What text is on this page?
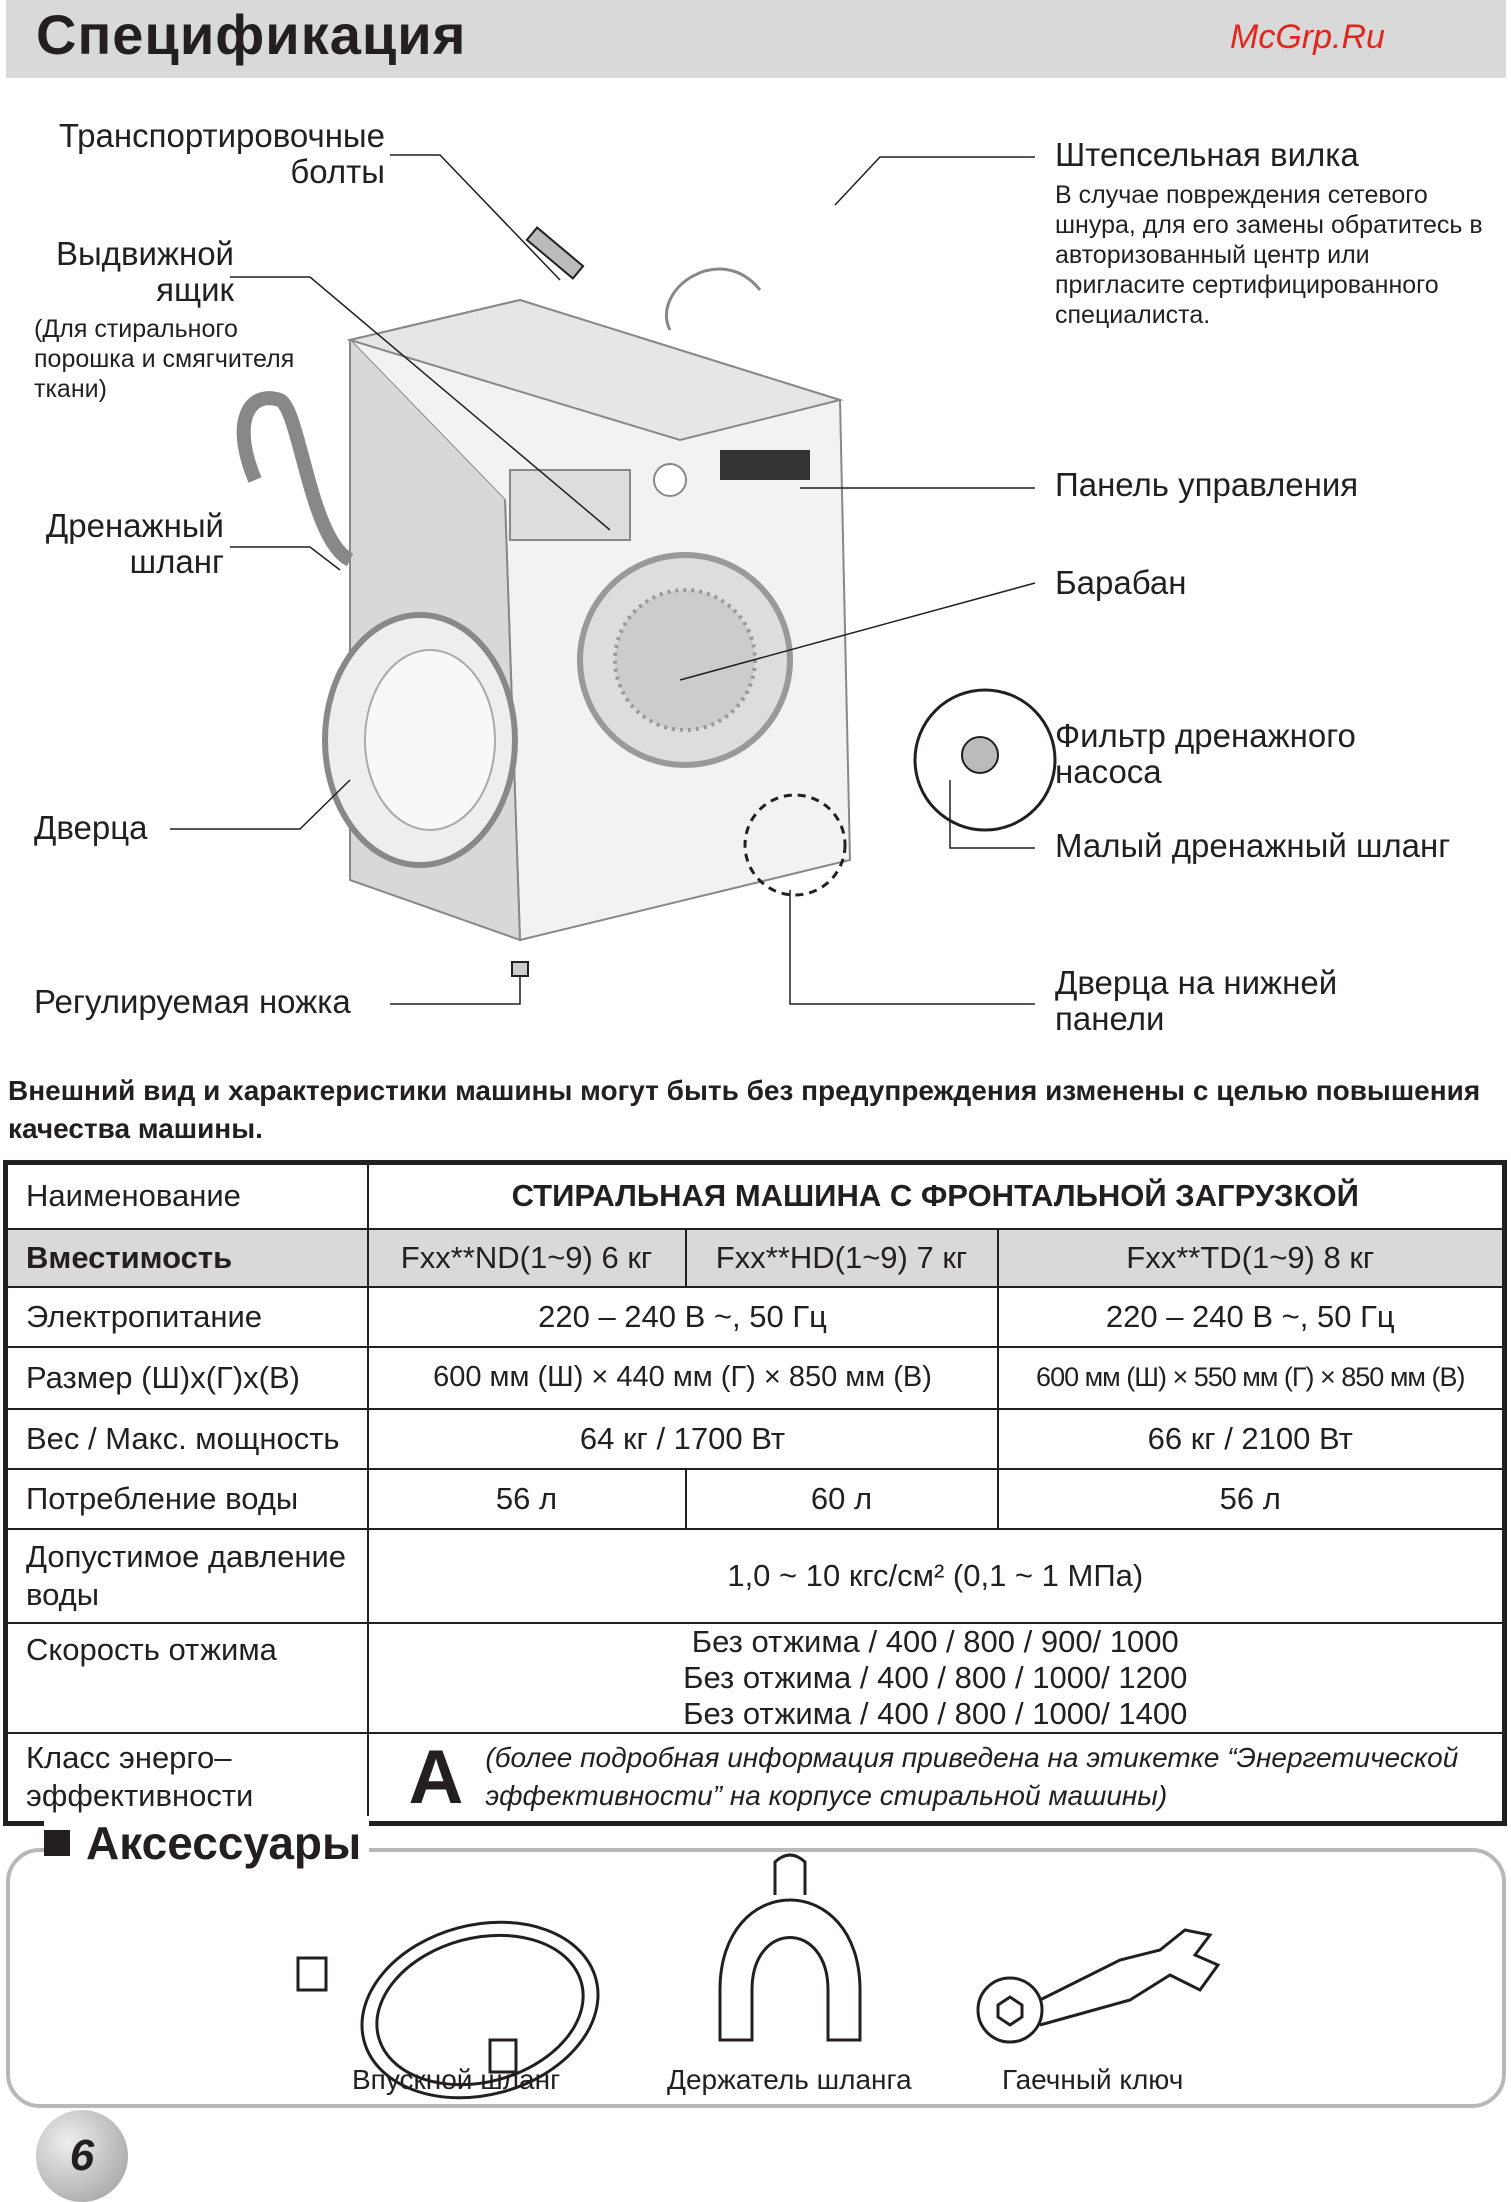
Спецификация
Транспортировочные болты
Выдвижной ящик
(Для стирального порошка и смягчителя ткани)
Дренажный шланг
Дверца
Регулируемая ножка
Штепсельная вилка
В случае повреждения сетевого шнура, для его замены обратитесь в авторизованный центр или пригласите сертифицированного специалиста.
Панель управления
Барабан
Фильтр дренажного насоса
Малый дренажный шланг
Дверца на нижней панели
Внешний вид и характеристики машины могут быть без предупреждения изменены с целью повышения качества машины.
McGrp.Ru
Наименование	СТИРАЛЬНАЯ МАШИНА С ФРОНТАЛЬНОЙ ЗАГРУЗКОЙ		
Вместимость	Fxx**ND(1~9) 6 кг	Fxx**HD(1~9) 7 кг	Fxx**TD(1~9) 8 кг
Электропитание	220 – 240 В ~, 50 Гц		220 – 240 В ~, 50 Гц
Размер (Ш)х(Г)х(В)	600 мм (Ш) × 440 мм (Г) × 850 мм (В)		600 мм (Ш) × 550 мм (Г) × 850 мм (В)
Вес / Макс. мощность	64 кг / 1700 Вт		66 кг / 2100 Вт
Потребление воды	56 л	60 л	56 л
Допустимое давление воды	1,0 ~ 10 кгс/см² (0,1 ~ 1 МПа)		
Скорость отжима	Без отжима / 400 / 800 / 900/ 1000
Без отжима / 400 / 800 / 1000/ 1200
Без отжима / 400 / 800 / 1000/ 1400		

Класс энерго– эффективности	A (более подробная информация приведена на этикетке “Энергетической эффективности” на корпусе стиральной машины)		
Аксессуары
Впускной шланг	Держатель шланга	Гаечный ключ
6
